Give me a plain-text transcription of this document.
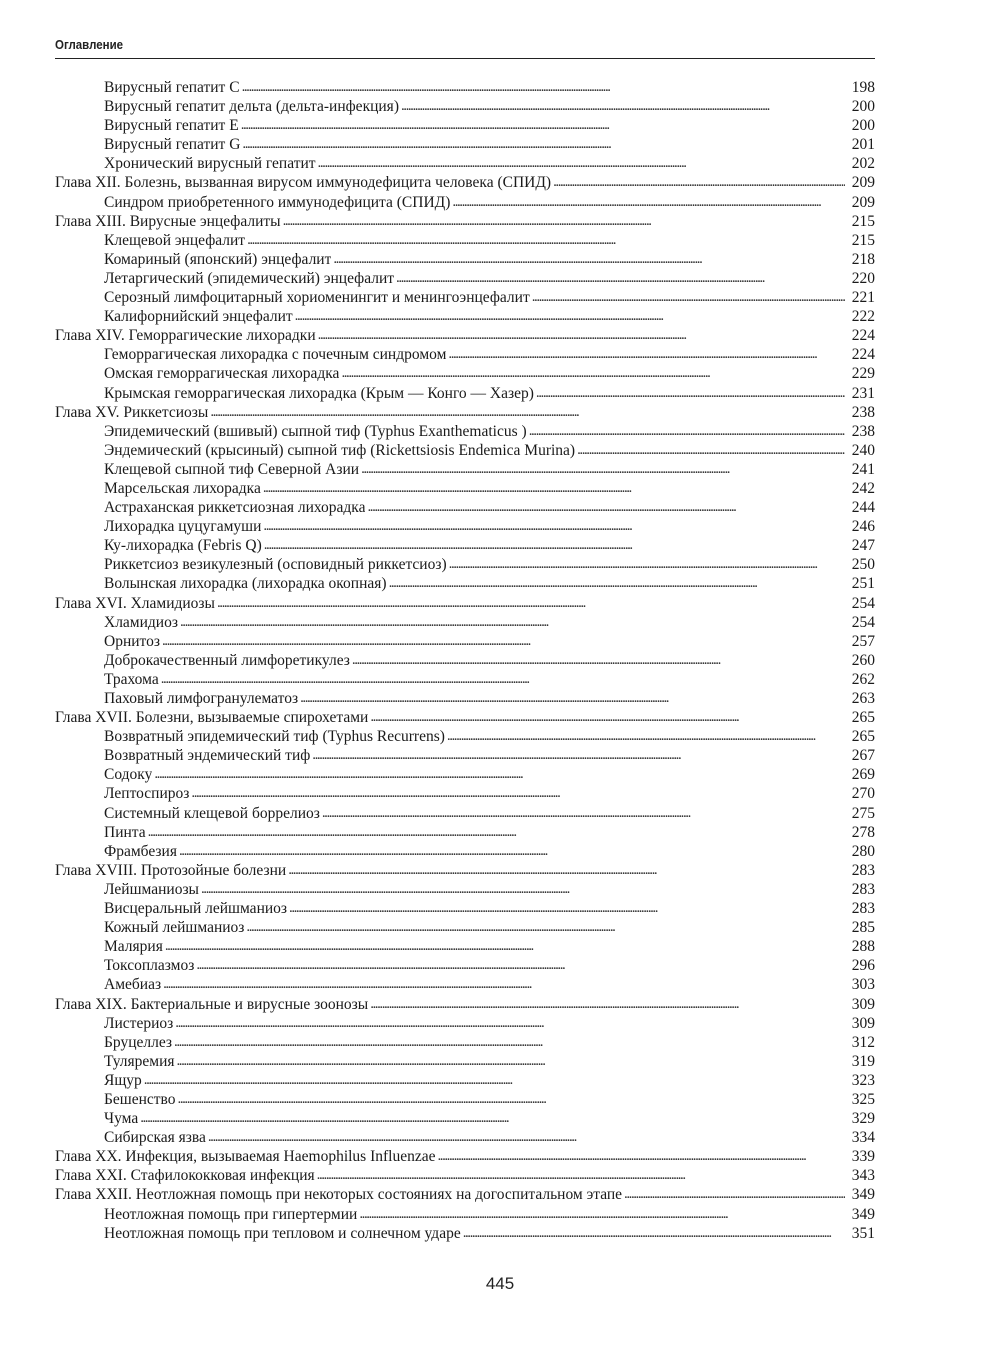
Оглавление
Вирусный гепатит С . . .	198
Вирусный гепатит дельта (дельта-инфекция) . . .	200
Вирусный гепатит Е . . .	200
Вирусный гепатит G . . .	201
Хронический вирусный гепатит . . .	202
Глава XII. Болезнь, вызванная вирусом иммунодефицита человека (СПИД) . . .	209
Синдром приобретенного иммунодефицита (СПИД) . . .	209
Глава XIII. Вирусные энцефалиты . . .	215
Клещевой энцефалит . . .	215
Комариный (японский) энцефалит . . .	218
Летаргический (эпидемический) энцефалит . . .	220
Серозный лимфоцитарный хориоменингит и менингоэнцефалит . . .	221
Калифорнийский энцефалит . . .	222
Глава XIV. Геморрагические лихорадки . . .	224
Геморрагическая лихорадка с почечным синдромом . . .	224
Омская геморрагическая лихорадка . . .	229
Крымская геморрагическая лихорадка (Крым — Конго — Хазер) . . .	231
Глава XV. Риккетсиозы . . .	238
Эпидемический (вшивый) сыпной тиф (Typhus Exanthematicus ) . . .	238
Эндемический (крысиный) сыпной тиф (Rickettsiosis Endemica Murina) . . .	240
Клещевой сыпной тиф Северной Азии . . .	241
Марсельская лихорадка . . .	242
Астраханская риккетсиозная лихорадка . . .	244
Лихорадка цуцугамуши . . .	246
Ку-лихорадка (Febris Q) . . .	247
Риккетсиоз везикулезный (осповидный риккетсиоз) . . .	250
Волынская лихорадка (лихорадка окопная) . . .	251
Глава XVI. Хламидиозы . . .	254
Хламидиоз . . .	254
Орнитоз . . .	257
Доброкачественный лимфоретикулез . . .	260
Трахома . . .	262
Паховый лимфогранулематоз . . .	263
Глава XVII. Болезни, вызываемые спирохетами . . .	265
Возвратный эпидемический тиф (Typhus Recurrens) . . .	265
Возвратный эндемический тиф . . .	267
Содоку . . .	269
Лептоспироз . . .	270
Системный клещевой боррелиоз . . .	275
Пинта . . .	278
Фрамбезия . . .	280
Глава XVIII. Протозойные болезни . . .	283
Лейшманиозы . . .	283
Висцеральный лейшманиоз . . .	283
Кожный лейшманиоз . . .	285
Малярия . . .	288
Токсоплазмоз . . .	296
Амебиаз . . .	303
Глава XIX. Бактериальные и вирусные зоонозы . . .	309
Листериоз . . .	309
Бруцеллез . . .	312
Туляремия . . .	319
Ящур . . .	323
Бешенство . . .	325
Чума . . .	329
Сибирская язва . . .	334
Глава XX. Инфекция, вызываемая Haemophilus Influenzae . . .	339
Глава XXI. Стафилококковая инфекция . . .	343
Глава XXII. Неотложная помощь при некоторых состояниях на догоспитальном этапе . . .	349
Неотложная помощь при гипертермии . . .	349
Неотложная помощь при тепловом и солнечном ударе . . .	351
445
